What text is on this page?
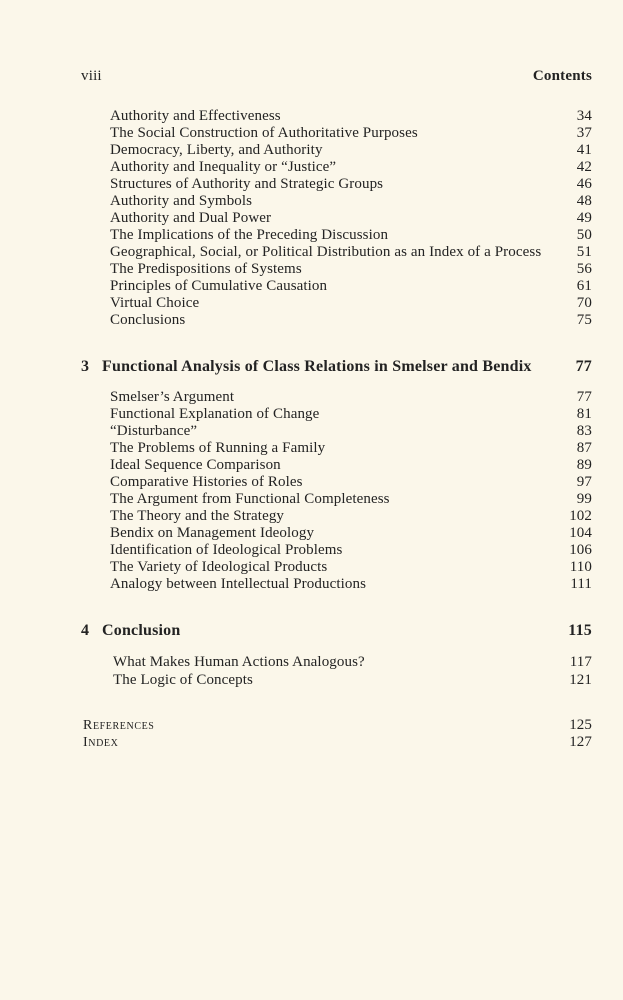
viii	Contents
Authority and Effectiveness	34
The Social Construction of Authoritative Purposes	37
Democracy, Liberty, and Authority	41
Authority and Inequality or “Justice”	42
Structures of Authority and Strategic Groups	46
Authority and Symbols	48
Authority and Dual Power	49
The Implications of the Preceding Discussion	50
Geographical, Social, or Political Distribution as an Index of a Process 51
The Predispositions of Systems	56
Principles of Cumulative Causation	61
Virtual Choice	70
Conclusions	75
3 Functional Analysis of Class Relations in Smelser and Bendix	77
Smelser’s Argument	77
Functional Explanation of Change	81
“Disturbance”	83
The Problems of Running a Family	87
Ideal Sequence Comparison	89
Comparative Histories of Roles	97
The Argument from Functional Completeness	99
The Theory and the Strategy	102
Bendix on Management Ideology	104
Identification of Ideological Problems	106
The Variety of Ideological Products	110
Analogy between Intellectual Productions	111
4 Conclusion	115
What Makes Human Actions Analogous?	117
The Logic of Concepts	121
References	125
Index	127
